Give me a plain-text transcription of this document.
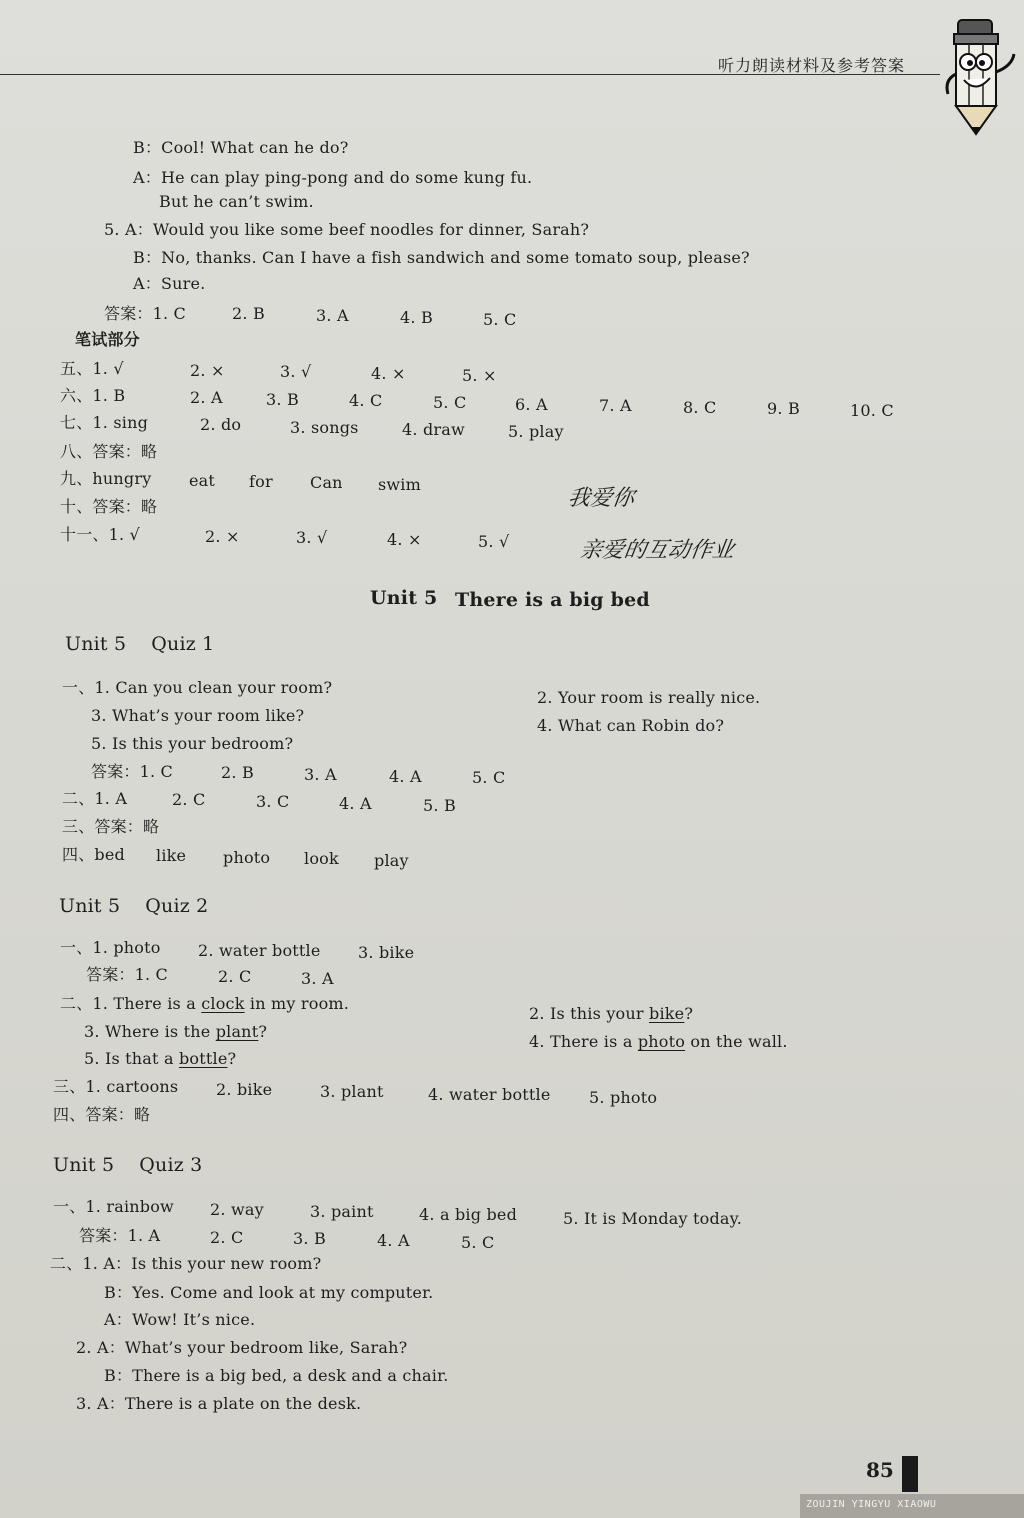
听力朗读材料及参考答案
B：Cool! What can he do?
A：He can play ping-pong and do some kung fu.
But he can’t swim.
5. A：Would you like some beef noodles for dinner, Sarah?
B：No, thanks. Can I have a fish sandwich and some tomato soup, please?
A：Sure.
答案：1. C	2. B	3. A	4. B	5. C
笔试部分
五、1. √	2. ×	3. √	4. ×	5. ×
六、1. B	2. A	3. B	4. C	5. C	6. A	7. A	8. C	9. B	10. C
七、1. sing	2. do	3. songs	4. draw	5. play
八、答案：略
九、hungry eat for Can swim
十、答案：略
十一、1. √	2. ×	3. √	4. ×	5. √
我爱你
亲爱的互动作业
Unit 5 There is a big bed
Unit 5    Quiz 1
一、1. Can you clean your room?
2. Your room is really nice.
3. What’s your room like?
4. What can Robin do?
5. Is this your bedroom?
答案：1. C	2. B	3. A	4. A	5. C
二、1. A	2. C	3. C	4. A	5. B
三、答案：略
四、bed like photo look play
Unit 5    Quiz 2
一、1. photo 2. water bottle 3. bike
答案：1. C	2. C	3. A
二、1. There is a clock in my room.
2. Is this your bike?
3. Where is the plant?
4. There is a photo on the wall.
5. Is that a bottle?
三、1. cartoons 2. bike	3. plant	4. water bottle 5. photo
四、答案：略
Unit 5    Quiz 3
一、1. rainbow 2. way	3. paint	4. a big bed	5. It is Monday today.
答案：1. A	2. C	3. B	4. A	5. C
二、1. A：Is this your new room?
B：Yes. Come and look at my computer.
A：Wow! It’s nice.
2. A：What’s your bedroom like, Sarah?
B：There is a big bed, a desk and a chair.
3. A：There is a plate on the desk.
85
ZOUJIN YINGYU XIAOWU
